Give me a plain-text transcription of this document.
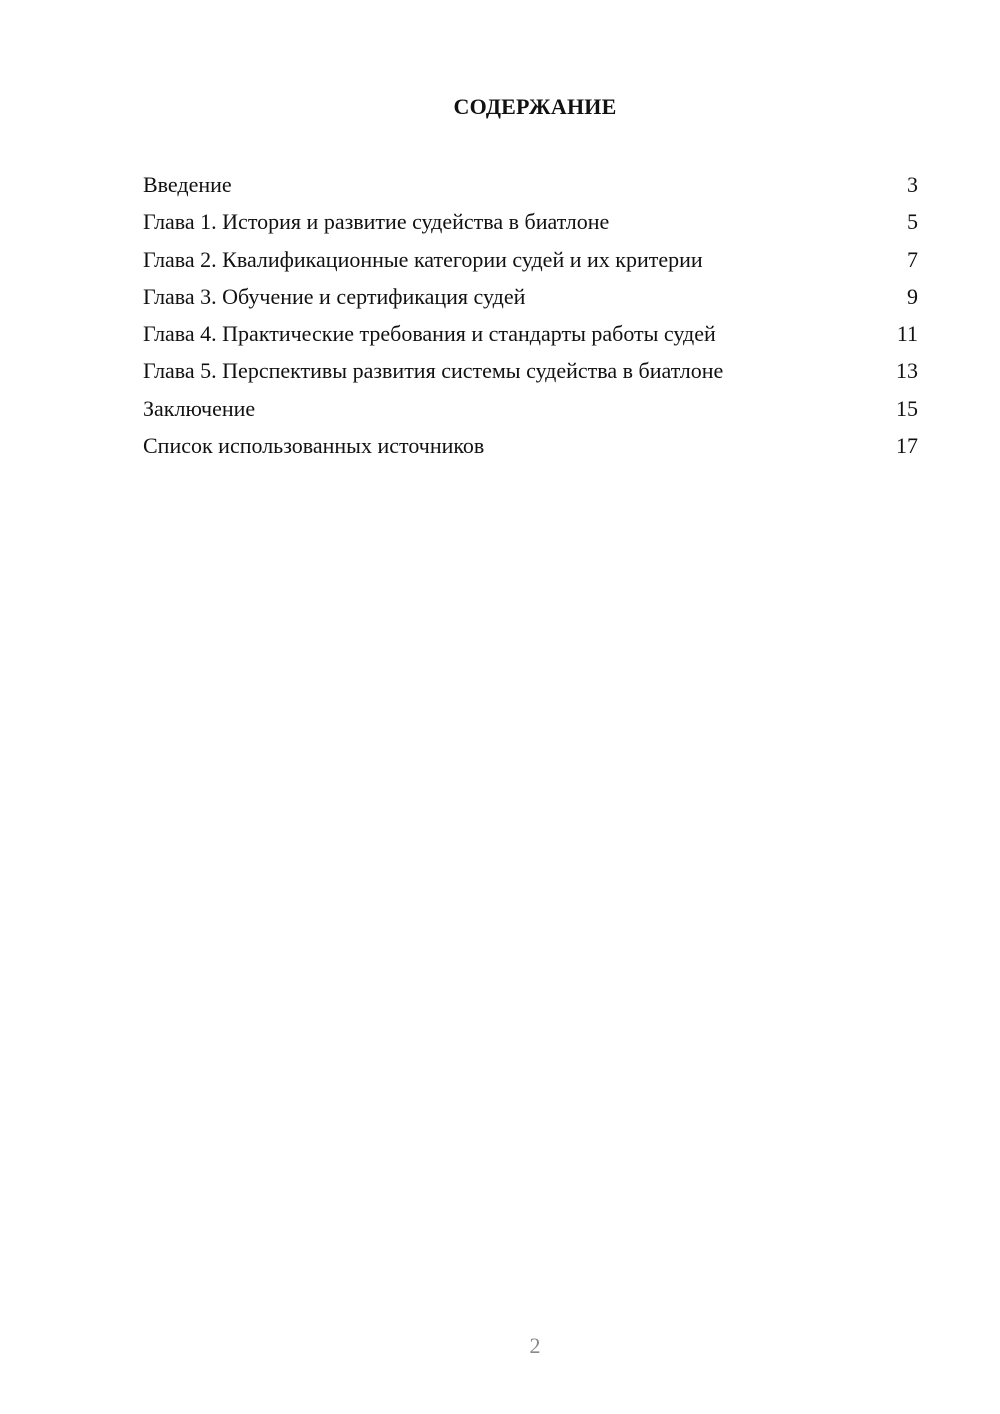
СОДЕРЖАНИЕ
Введение	3
Глава 1. История и развитие судейства в биатлоне	5
Глава 2. Квалификационные категории судей и их критерии	7
Глава 3. Обучение и сертификация судей	9
Глава 4. Практические требования и стандарты работы судей	11
Глава 5. Перспективы развития системы судейства в биатлоне	13
Заключение	15
Список использованных источников	17
2
